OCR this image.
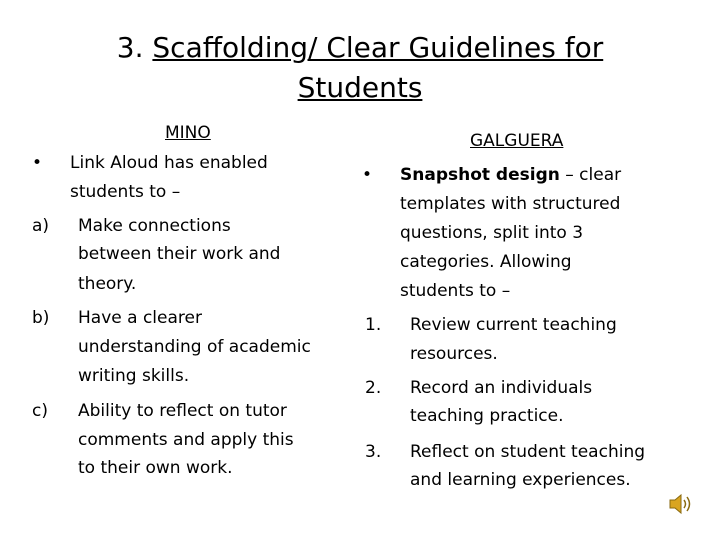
3. Scaffolding/ Clear Guidelines for
Students
MINO
• Link Aloud has enabled
students to –
a) Make connections
between their work and
theory.
b) Have a clearer
understanding of academic
writing skills.
c) Ability to reflect on tutor
comments and apply this
to their own work.
GALGUERA
• Snapshot design – clear
templates with structured
questions, split into 3
categories. Allowing
students to –
1. Review current teaching
resources.
2. Record an individuals
teaching practice.
3. Reflect on student teaching
and learning experiences.
